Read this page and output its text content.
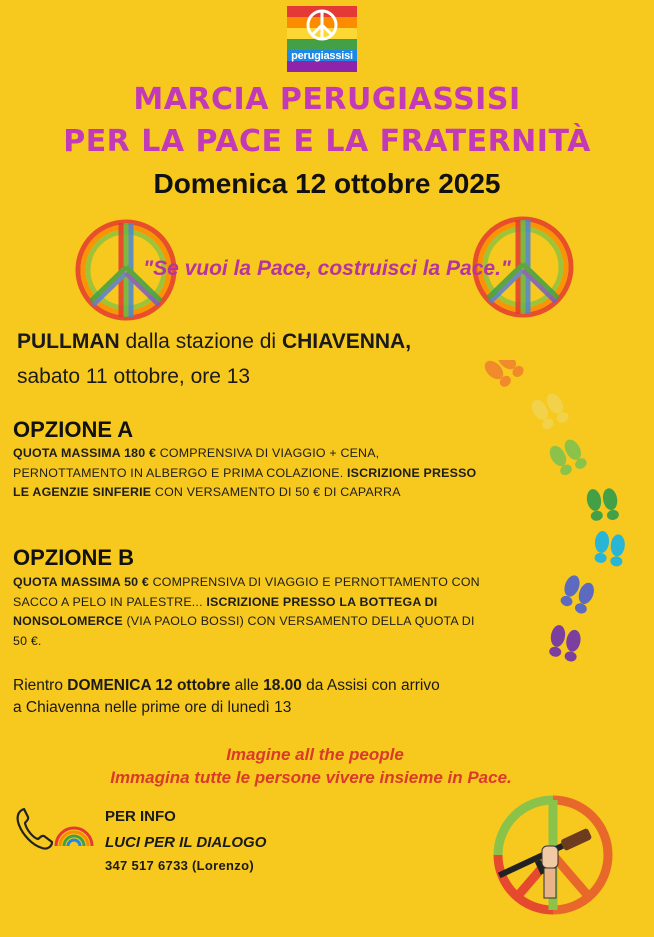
perugiassisi
MARCIA PERUGIASSISI
PER LA PACE E LA FRATERNITÀ
Domenica 12 ottobre 2025
"Se vuoi la Pace, costruisci la Pace."
PULLMAN dalla stazione di CHIAVENNA,
sabato 11 ottobre, ore 13
OPZIONE A
QUOTA MASSIMA 180 € COMPRENSIVA DI VIAGGIO + CENA, PERNOTTAMENTO IN ALBERGO E PRIMA COLAZIONE. ISCRIZIONE PRESSO LE AGENZIE SINFERIE CON VERSAMENTO DI 50 € DI CAPARRA
OPZIONE B
QUOTA MASSIMA 50 € COMPRENSIVA DI VIAGGIO E PERNOTTAMENTO CON SACCO A PELO IN PALESTRE... ISCRIZIONE PRESSO LA BOTTEGA DI NONSOLOMERCE (VIA PAOLO BOSSI) CON VERSAMENTO DELLA QUOTA DI 50 €.
Rientro DOMENICA 12 ottobre alle 18.00 da Assisi con arrivo
a Chiavenna nelle prime ore di lunedì 13
Imagine all the people
Immagina tutte le persone vivere insieme in Pace.
PER INFO
LUCI PER IL DIALOGO
347 517 6733 (Lorenzo)
